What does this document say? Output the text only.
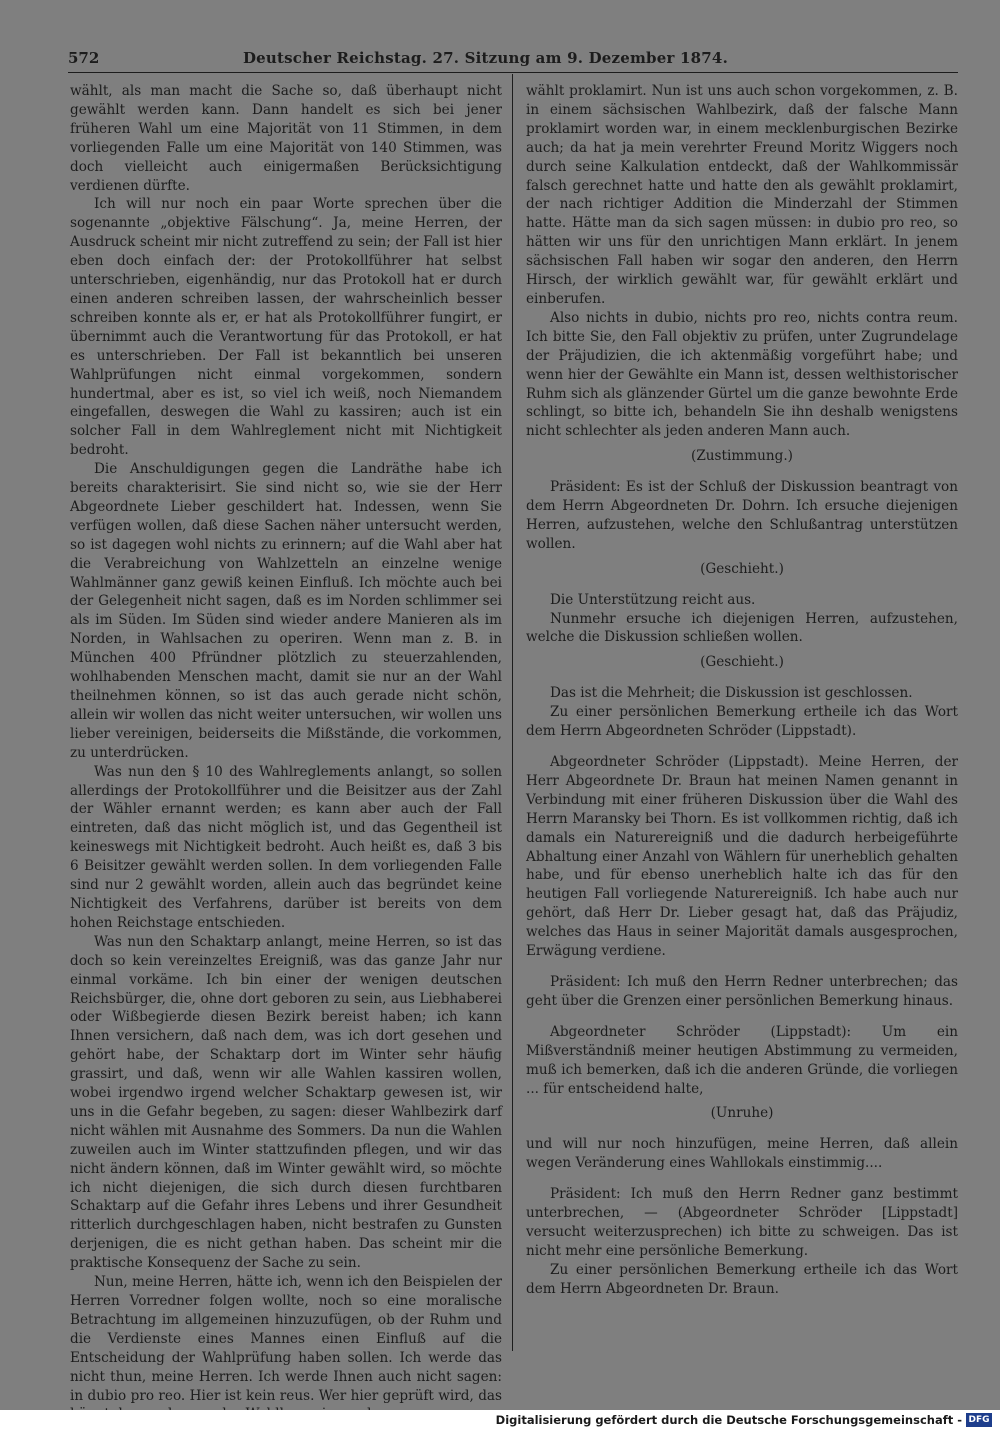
572	Deutscher Reichstag. 27. Sitzung am 9. Dezember 1874.

wählt, als man macht die Sache so, daß überhaupt nicht gewählt werden kann. Dann handelt es sich bei jener früheren Wahl um eine Majorität von 11 Stimmen, in dem vorliegenden Falle um eine Majorität von 140 Stimmen, was doch vielleicht auch einigermaßen Berücksichtigung verdienen dürfte.

Ich will nur noch ein paar Worte sprechen über die sogenannte „objektive Fälschung“. Ja, meine Herren, der Ausdruck scheint mir nicht zutreffend zu sein; der Fall ist hier eben doch einfach der: der Protokollführer hat selbst unterschrieben, eigenhändig, nur das Protokoll hat er durch einen anderen schreiben lassen, der wahrscheinlich besser schreiben konnte als er, er hat als Protokollführer fungirt, er übernimmt auch die Verantwortung für das Protokoll, er hat es unterschrieben. Der Fall ist bekanntlich bei unseren Wahlprüfungen nicht einmal vorgekommen, sondern hundertmal, aber es ist, so viel ich weiß, noch Niemandem eingefallen, deswegen die Wahl zu kassiren; auch ist ein solcher Fall in dem Wahlreglement nicht mit Nichtigkeit bedroht.

Die Anschuldigungen gegen die Landräthe habe ich bereits charakterisirt. Sie sind nicht so, wie sie der Herr Abgeordnete Lieber geschildert hat. Indessen, wenn Sie verfügen wollen, daß diese Sachen näher untersucht werden, so ist dagegen wohl nichts zu erinnern; auf die Wahl aber hat die Verabreichung von Wahlzetteln an einzelne wenige Wahlmänner ganz gewiß keinen Einfluß. Ich möchte auch bei der Gelegenheit nicht sagen, daß es im Norden schlimmer sei als im Süden. Im Süden sind wieder andere Manieren als im Norden, in Wahlsachen zu operiren. Wenn man z. B. in München 400 Pfründner plötzlich zu steuerzahlenden, wohlhabenden Menschen macht, damit sie nur an der Wahl theilnehmen können, so ist das auch gerade nicht schön, allein wir wollen das nicht weiter untersuchen, wir wollen uns lieber vereinigen, beiderseits die Mißstände, die vorkommen, zu unterdrücken.

Was nun den § 10 des Wahlreglements anlangt, so sollen allerdings der Protokollführer und die Beisitzer aus der Zahl der Wähler ernannt werden; es kann aber auch der Fall eintreten, daß das nicht möglich ist, und das Gegentheil ist keineswegs mit Nichtigkeit bedroht. Auch heißt es, daß 3 bis 6 Beisitzer gewählt werden sollen. In dem vorliegenden Falle sind nur 2 gewählt worden, allein auch das begründet keine Nichtigkeit des Verfahrens, darüber ist bereits von dem hohen Reichstage entschieden.

Was nun den Schaktarp anlangt, meine Herren, so ist das doch so kein vereinzeltes Ereigniß, was das ganze Jahr nur einmal vorkäme. Ich bin einer der wenigen deutschen Reichsbürger, die, ohne dort geboren zu sein, aus Liebhaberei oder Wißbegierde diesen Bezirk bereist haben; ich kann Ihnen versichern, daß nach dem, was ich dort gesehen und gehört habe, der Schaktarp dort im Winter sehr häufig grassirt, und daß, wenn wir alle Wahlen kassiren wollen, wobei irgendwo irgend welcher Schaktarp gewesen ist, wir uns in die Gefahr begeben, zu sagen: dieser Wahlbezirk darf nicht wählen mit Ausnahme des Sommers. Da nun die Wahlen zuweilen auch im Winter stattzufinden pflegen, und wir das nicht ändern können, daß im Winter gewählt wird, so möchte ich nicht diejenigen, die sich durch diesen furchtbaren Schaktarp auf die Gefahr ihres Lebens und ihrer Gesundheit ritterlich durchgeschlagen haben, nicht bestrafen zu Gunsten derjenigen, die es nicht gethan haben. Das scheint mir die praktische Konsequenz der Sache zu sein.

Nun, meine Herren, hätte ich, wenn ich den Beispielen der Herren Vorredner folgen wollte, noch so eine moralische Betrachtung im allgemeinen hinzuzufügen, ob der Ruhm und die Verdienste eines Mannes einen Einfluß auf die Entscheidung der Wahlprüfung haben sollen. Ich werde das nicht thun, meine Herren. Ich werde Ihnen auch nicht sagen: in dubio pro reo. Hier ist kein reus. Wer hier geprüft wird, das

wählt proklamirt. Nun ist uns auch schon vorgekommen, z. B. in einem sächsischen Wahlbezirk, daß der falsche Mann proklamirt worden war, in einem mecklenburgischen Bezirke auch; da hat ja mein verehrter Freund Moritz Wiggers noch durch seine Kalkulation entdeckt, daß der Wahlkommissär falsch gerechnet hatte und hatte den als gewählt proklamirt, der nach richtiger Addition die Minderzahl der Stimmen hatte. Hätte man da sich sagen müssen: in dubio pro reo, so hätten wir uns für den unrichtigen Mann erklärt. In jenem sächsischen Fall haben wir sogar den anderen, den Herrn Hirsch, der wirklich gewählt war, für gewählt erklärt und einberufen.

Also nichts in dubio, nichts pro reo, nichts contra reum. Ich bitte Sie, den Fall objektiv zu prüfen, unter Zugrundelage der Präjudizien, die ich aktenmäßig vorgeführt habe; und wenn hier der Gewählte ein Mann ist, dessen welthistorischer Ruhm sich als glänzender Gürtel um die ganze bewohnte Erde schlingt, so bitte ich, behandeln Sie ihn deshalb wenigstens nicht schlechter als jeden anderen Mann auch.

(Zustimmung.)

Präsident: Es ist der Schluß der Diskussion beantragt von dem Herrn Abgeordneten Dr. Dohrn. Ich ersuche diejenigen Herren, aufzustehen, welche den Schlußantrag unterstützen wollen.

(Geschieht.)

Die Unterstützung reicht aus.

Nunmehr ersuche ich diejenigen Herren, aufzustehen, welche die Diskussion schließen wollen.

(Geschieht.)

Das ist die Mehrheit; die Diskussion ist geschlossen.

Zu einer persönlichen Bemerkung ertheile ich das Wort dem Herrn Abgeordneten Schröder (Lippstadt).

Abgeordneter Schröder (Lippstadt). Meine Herren, der Herr Abgeordnete Dr. Braun hat meinen Namen genannt in Verbindung mit einer früheren Diskussion über die Wahl des Herrn Maransky bei Thorn. Es ist vollkommen richtig, daß ich damals ein Naturereigniß und die dadurch herbeigeführte Abhaltung einer Anzahl von Wählern für unerheblich gehalten habe, und für ebenso unerheblich halte ich das für den heutigen Fall vorliegende Naturereigniß. Ich habe auch nur gehört, daß Herr Dr. Lieber gesagt hat, daß das Präjudiz, welches das Haus in seiner Majorität damals ausgesprochen, Erwägung verdiene.

Präsident: Ich muß den Herrn Redner unterbrechen; das geht über die Grenzen einer persönlichen Bemerkung hinaus.

Abgeordneter Schröder (Lippstadt): Um ein Mißverständniß meiner heutigen Abstimmung zu vermeiden, muß ich bemerken, daß ich die anderen Gründe, die vorliegen ... für entscheidend halte,

(Unruhe)

und will nur noch hinzufügen, meine Herren, daß allein wegen Veränderung eines Wahllokals einstimmig....

Präsident: Ich muß den Herrn Redner ganz bestimmt unterbrechen, — (Abgeordneter Schröder [Lippstadt] versucht weiterzusprechen) ich bitte zu schweigen. Das ist nicht mehr eine persönliche Bemerkung.

Zu einer persönlichen Bemerkung ertheile ich das Wort dem Herrn Abgeordneten Dr. Braun.

Digitalisierung gefördert durch die Deutsche Forschungsgemeinschaft - DFG
